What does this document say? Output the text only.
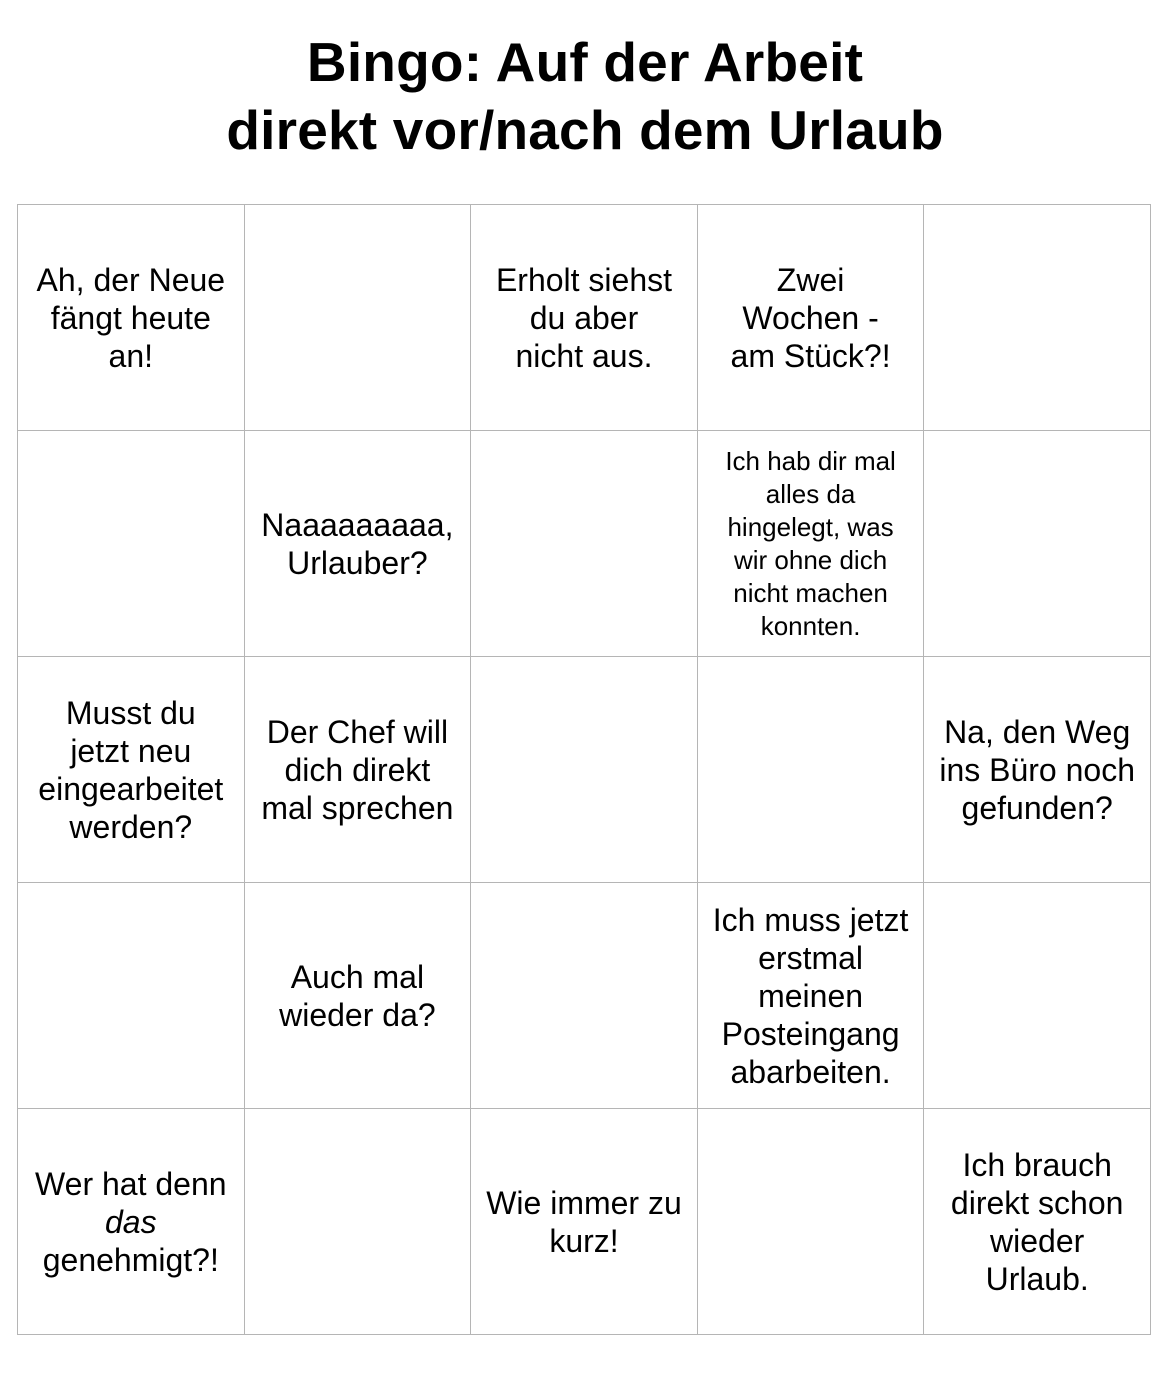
Bingo: Auf der Arbeit
direkt vor/nach dem Urlaub
Ah, der Neue
fängt heute
an!
Erholt siehst
du aber
nicht aus.
Zwei
Wochen -
am Stück?!
Naaaaaaaaa,
Urlauber?
Ich hab dir mal
alles da
hingelegt, was
wir ohne dich
nicht machen
konnten.
Musst du
jetzt neu
eingearbeitet
werden?
Der Chef will
dich direkt
mal sprechen
Na, den Weg
ins Büro noch
gefunden?
Auch mal
wieder da?
Ich muss jetzt
erstmal
meinen
Posteingang
abarbeiten.
Wer hat denn
das
genehmigt?!
Wie immer zu
kurz!
Ich brauch
direkt schon
wieder
Urlaub.
